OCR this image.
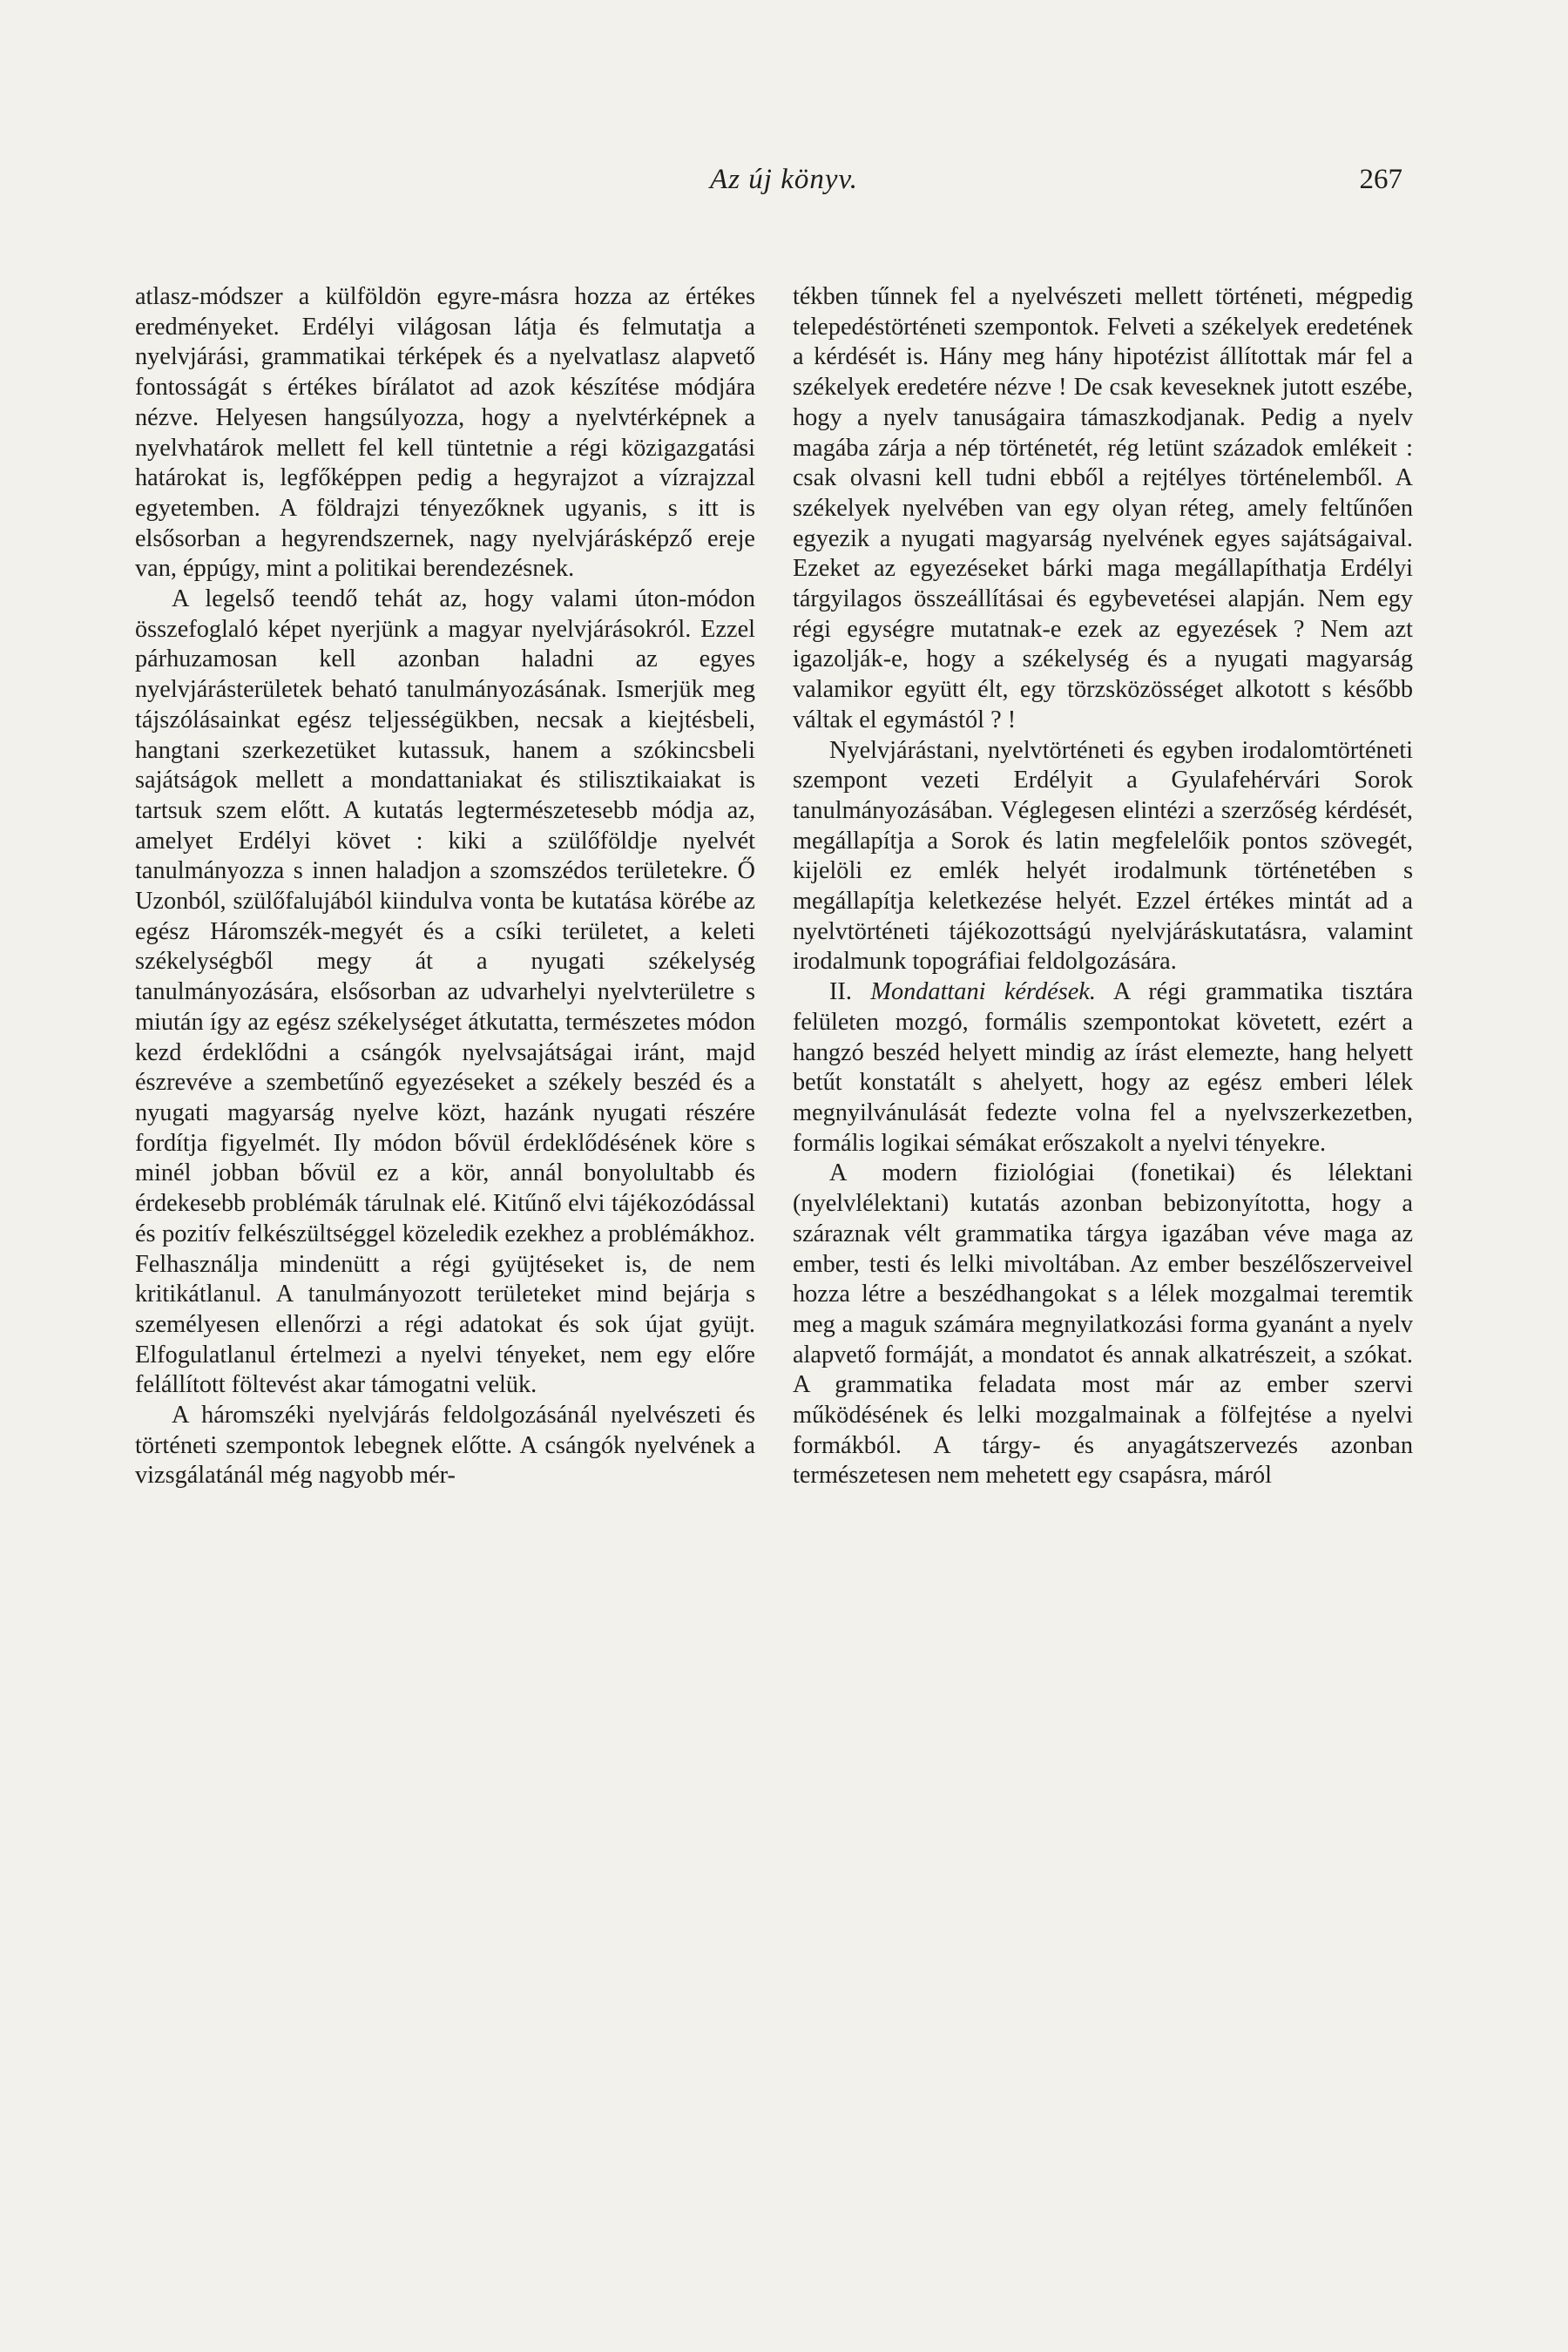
Az új könyv.	267

atlasz-módszer a külföldön egyre-másra hozza az értékes eredményeket. Erdélyi világosan látja és felmutatja a nyelvjárási, grammatikai térképek és a nyelvatlasz alapvető fontosságát s értékes bírálatot ad azok készítése módjára nézve. Helyesen hangsúlyozza, hogy a nyelvtérképnek a nyelvhatárok mellett fel kell tüntetnie a régi közigazgatási határokat is, legfőképpen pedig a hegyrajzot a vízrajzzal egyetemben. A földrajzi tényezőknek ugyanis, s itt is elsősorban a hegyrendszernek, nagy nyelvjárásképző ereje van, éppúgy, mint a politikai berendezésnek.

A legelső teendő tehát az, hogy valami úton-módon összefoglaló képet nyerjünk a magyar nyelvjárásokról. Ezzel párhuzamosan kell azonban haladni az egyes nyelvjárásterületek beható tanulmányozásának. Ismerjük meg tájszólásainkat egész teljességükben, necsak a kiejtésbeli, hangtani szerkezetüket kutassuk, hanem a szókincsbeli sajátságok mellett a mondattaniakat és stilisztikaiakat is tartsuk szem előtt. A kutatás legtermészetesebb módja az, amelyet Erdélyi követ : kiki a szülőföldje nyelvét tanulmányozza s innen haladjon a szomszédos területekre. Ő Uzonból, szülőfalujából kiindulva vonta be kutatása körébe az egész Háromszék-megyét és a csíki területet, a keleti székelységből megy át a nyugati székelység tanulmányozására, elsősorban az udvarhelyi nyelvterületre s miután így az egész székelységet átkutatta, természetes módon kezd érdeklődni a csángók nyelvsajátságai iránt, majd észrevéve a szembetűnő egyezéseket a székely beszéd és a nyugati magyarság nyelve közt, hazánk nyugati részére fordítja figyelmét. Ily módon bővül érdeklődésének köre s minél jobban bővül ez a kör, annál bonyolultabb és érdekesebb problémák tárulnak elé. Kitűnő elvi tájékozódással és pozitív felkészültséggel közeledik ezekhez a problémákhoz. Felhasználja mindenütt a régi gyüjtéseket is, de nem kritikátlanul. A tanulmányozott területeket mind bejárja s személyesen ellenőrzi a régi adatokat és sok újat gyüjt. Elfogulatlanul értelmezi a nyelvi tényeket, nem egy előre felállított föltevést akar támogatni velük.

A háromszéki nyelvjárás feldolgozásánál nyelvészeti és történeti szempontok lebegnek előtte. A csángók nyelvének a vizsgálatánál még nagyobb mér-

tékben tűnnek fel a nyelvészeti mellett történeti, mégpedig telepedéstörténeti szempontok. Felveti a székelyek eredetének a kérdését is. Hány meg hány hipotézist állítottak már fel a székelyek eredetére nézve ! De csak keveseknek jutott eszébe, hogy a nyelv tanuságaira támaszkodjanak. Pedig a nyelv magába zárja a nép történetét, rég letünt századok emlékeit : csak olvasni kell tudni ebből a rejtélyes történelemből. A székelyek nyelvében van egy olyan réteg, amely feltűnően egyezik a nyugati magyarság nyelvének egyes sajátságaival. Ezeket az egyezéseket bárki maga megállapíthatja Erdélyi tárgyilagos összeállításai és egybevetései alapján. Nem egy régi egységre mutatnak-e ezek az egyezések ? Nem azt igazolják-e, hogy a székelység és a nyugati magyarság valamikor együtt élt, egy törzsközösséget alkotott s később váltak el egymástól ? !

Nyelvjárástani, nyelvtörténeti és egyben irodalomtörténeti szempont vezeti Erdélyit a Gyulafehérvári Sorok tanulmányozásában. Véglegesen elintézi a szerzőség kérdését, megállapítja a Sorok és latin megfelelőik pontos szövegét, kijelöli ez emlék helyét irodalmunk történetében s megállapítja keletkezése helyét. Ezzel értékes mintát ad a nyelvtörténeti tájékozottságú nyelvjáráskutatásra, valamint irodalmunk topográfiai feldolgozására.

II. Mondattani kérdések. A régi grammatika tisztára felületen mozgó, formális szempontokat követett, ezért a hangzó beszéd helyett mindig az írást elemezte, hang helyett betűt konstatált s ahelyett, hogy az egész emberi lélek megnyilvánulását fedezte volna fel a nyelvszerkezetben, formális logikai sémákat erőszakolt a nyelvi tényekre.

A modern fiziológiai (fonetikai) és lélektani (nyelvlélektani) kutatás azonban bebizonyította, hogy a száraznak vélt grammatika tárgya igazában véve maga az ember, testi és lelki mivoltában. Az ember beszélőszerveivel hozza létre a beszédhangokat s a lélek mozgalmai teremtik meg a maguk számára megnyilatkozási forma gyanánt a nyelv alapvető formáját, a mondatot és annak alkatrészeit, a szókat. A grammatika feladata most már az ember szervi működésének és lelki mozgalmainak a fölfejtése a nyelvi formákból. A tárgy- és anyagátszervezés azonban természetesen nem mehetett egy csapásra, máról
